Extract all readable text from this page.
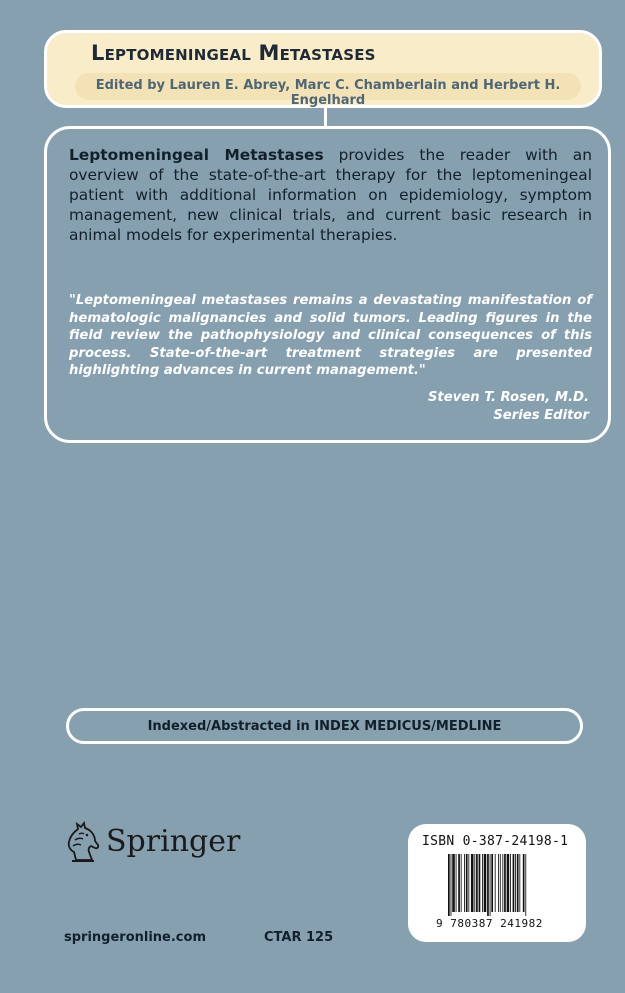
Leptomeningeal Metastases
Edited by Lauren E. Abrey, Marc C. Chamberlain and Herbert H. Engelhard

Leptomeningeal Metastases provides the reader with an overview of the state-of-the-art therapy for the leptomeningeal patient with additional information on epidemiology, symptom management, new clinical trials, and current basic research in animal models for experimental therapies.

"Leptomeningeal metastases remains a devastating manifestation of hematologic malignancies and solid tumors. Leading figures in the field review the pathophysiology and clinical consequences of this process. State-of-the-art treatment strategies are presented highlighting advances in current management."

Steven T. Rosen, M.D.
Series Editor
Indexed/Abstracted in INDEX MEDICUS/MEDLINE
Springer
springeronline.com	CTAR 125
ISBN 0-387-24198-1
9 780387 241982
